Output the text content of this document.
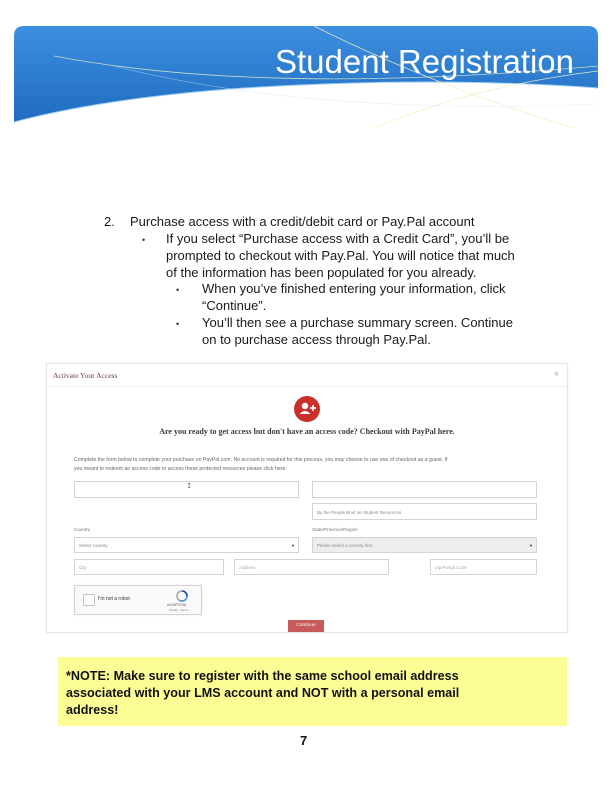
Student Registration
2. Purchase access with a credit/debit card or Pay.Pal account
• If you select “Purchase access with a Credit Card”, you’ll be
prompted to checkout with Pay.Pal. You will notice that much
of the information has been populated for you already.
• When you’ve finished entering your information, click
“Continue”.
• You’ll then see a purchase summary screen. Continue
on to purchase access through Pay.Pal.
Activate Your Access	×
Are you ready to get access but don't have an access code? Checkout with PayPal here.
Complete the form below to complete your purchase on PayPal.com. No account is required for this process, you may choose to use one of checkout as a guest. If
you meant to redeem an access code to access these protected resources please click here.
I
By the People Brief 4e Student Resources
Country	State/Province/Region
Select country	▼	Please select a country first	▼
City	Address	Zip/Postal Code
I'm not a robot
reCAPTCHA
Privacy - Terms
Continue
*NOTE: Make sure to register with the same school email address
associated with your LMS account and NOT with a personal email
address!
7
